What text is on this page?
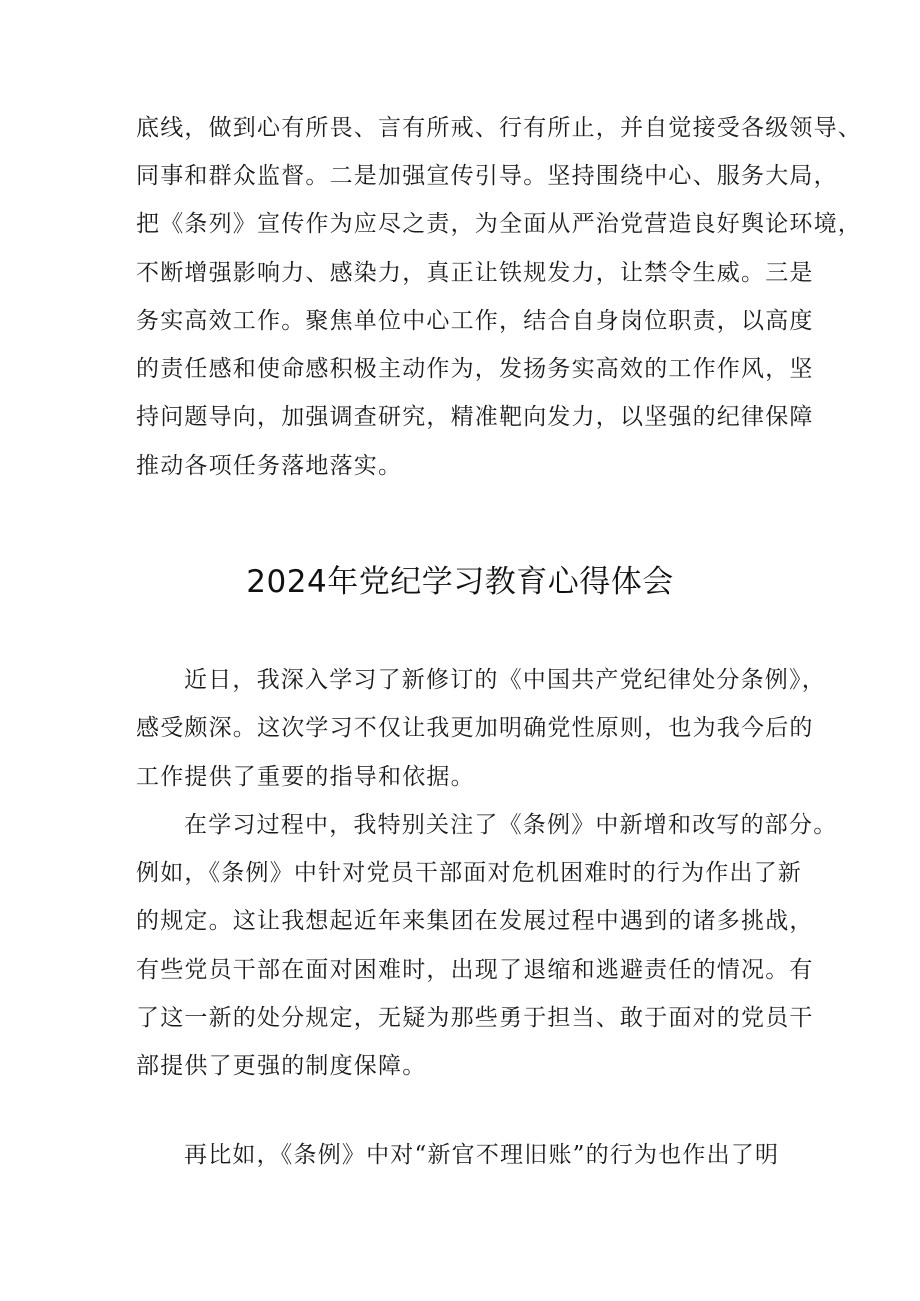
底线，做到心有所畏、言有所戒、行有所止，并自觉接受各级领导、
同事和群众监督。二是加强宣传引导。坚持围绕中心、服务大局，
把《条列》宣传作为应尽之责，为全面从严治党营造良好舆论环境，
不断增强影响力、感染力，真正让铁规发力，让禁令生威。三是
务实高效工作。聚焦单位中心工作，结合自身岗位职责，以高度
的责任感和使命感积极主动作为，发扬务实高效的工作作风，坚
持问题导向，加强调查研究，精准靶向发力，以坚强的纪律保障
推动各项任务落地落实。
2024年党纪学习教育心得体会
近日，我深入学习了新修订的《中国共产党纪律处分条例》，
感受颇深。这次学习不仅让我更加明确党性原则，也为我今后的
工作提供了重要的指导和依据。
在学习过程中，我特别关注了《条例》中新增和改写的部分。
例如，《条例》中针对党员干部面对危机困难时的行为作出了新
的规定。这让我想起近年来集团在发展过程中遇到的诸多挑战，
有些党员干部在面对困难时，出现了退缩和逃避责任的情况。有
了这一新的处分规定，无疑为那些勇于担当、敢于面对的党员干
部提供了更强的制度保障。
再比如，《条例》中对“新官不理旧账”的行为也作出了明
